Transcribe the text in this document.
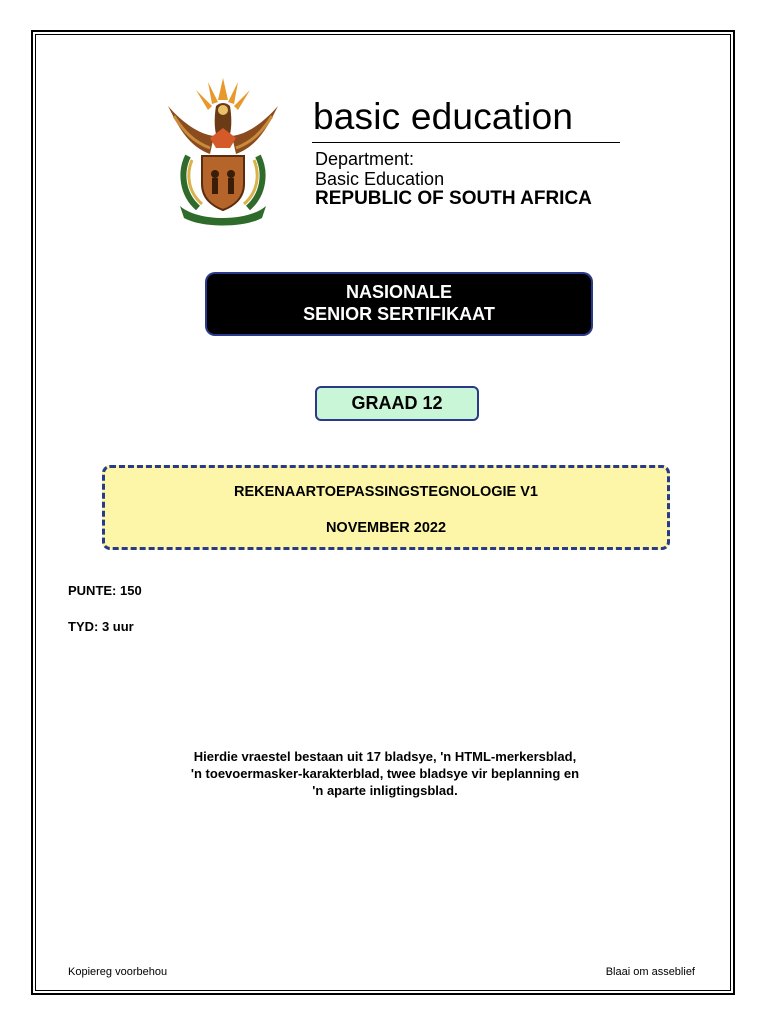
basic education
Department:
Basic Education
REPUBLIC OF SOUTH AFRICA
NASIONALE
SENIOR SERTIFIKAAT
GRAAD 12
REKENAARTOEPASSINGSTEGNOLOGIE V1
NOVEMBER 2022
PUNTE: 150
TYD: 3 uur
Hierdie vraestel bestaan uit 17 bladsye, 'n HTML-merkersblad,
'n toevoermasker-karakterblad, twee bladsye vir beplanning en
'n aparte inligtingsblad.
Kopiereg voorbehou	Blaai om asseblief
